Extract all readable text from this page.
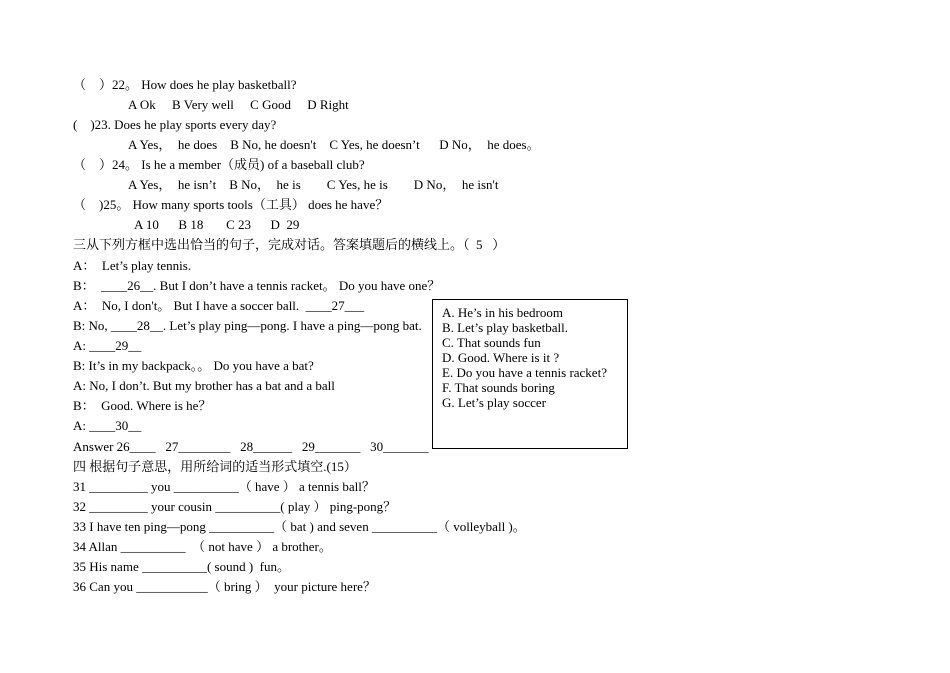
（    ）22。 How does he play basketball?
A Ok     B Very well     C Good     D Right
(    )23. Does he play sports every day?
A Yes，  he does    B No, he doesn't    C Yes, he doesn’t      D No，  he does。
（    ）24。 Is he a member（成员) of a baseball club?
A Yes，  he isn’t    B No，  he is        C Yes, he is        D No，  he isn't
（    )25。 How many sports tools（工具） does he have？
A 10      B 18       C 23      D  29
三从下列方框中选出恰当的句子，完成对话。答案填题后的横线上。（  5   ）
A：  Let’s play tennis.
B：  ____26__. But I don’t have a tennis racket。 Do you have one？
A：  No, I don't。 But I have a soccer ball.  ____27___
B: No, ____28__. Let’s play ping—pong. I have a ping—pong bat.
A: ____29__
B: It’s in my backpack。。 Do you have a bat?
A: No, I don’t. But my brother has a bat and a ball
B：  Good. Where is he？
A: ____30__
Answer 26____   27________   28______   29_______   30_______
四 根据句子意思，用所给词的适当形式填空.(15）
31 _________ you __________（ have ） a tennis ball？
32 _________ your cousin __________( play ） ping-pong？
33 I have ten ping—pong __________（ bat ) and seven __________（ volleyball )。
34 Allan __________  （ not have ） a brother。
35 His name __________( sound )  fun。
36 Can you ___________（ bring ）  your picture here？
A. He’s in his bedroom
B. Let’s play basketball.
C. That sounds fun
D. Good. Where is it ?
E. Do you have a tennis racket?
F. That sounds boring
G. Let’s play soccer
